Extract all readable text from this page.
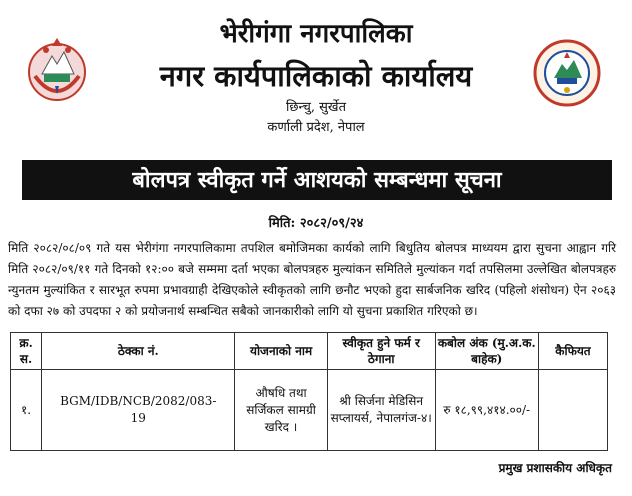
भेरीगंगा नगरपालिका
नगर कार्यपालिकाको कार्यालय
छिन्चु, सुर्खेत
कर्णाली प्रदेश, नेपाल
बोलपत्र स्वीकृत गर्ने आशयको सम्बन्धमा सूचना
मिति: २०८२/०९/२४

मिति २०८२/०८/०९ गते यस भेरीगंगा नगरपालिकामा तपशिल बमोजिमका कार्यको लागि बिधुतिय बोलपत्र माध्ययम द्वारा सुचना आह्वान गरि मिति २०८२/०९/११ गते दिनको १२:०० बजे सम्ममा दर्ता भएका बोलपत्रहरु मुल्यांकन समितिले मुल्यांकन गर्दा तपसिलमा उल्लेखित बोलपत्रहरु न्युनतम मुल्यांकित र सारभूत रुपमा प्रभावग्राही देखिएकोले स्वीकृतको लागि छनौट भएको हुदा सार्बजनिक खरिद (पहिलो शंसोधन) ऐन २०६३ को दफा २७ को उपदफा २ को प्रयोजनार्थ सम्बन्धित सबैको जानकारीको लागि यो सुचना प्रकाशित गरिएको छ।

क्र. स.	ठेक्का नं.	योजनाको नाम	स्वीकृत हुने फर्म र ठेगाना	कबोल अंक (मु.अ.क. बाहेक)	कैफियत
१.	BGM/IDB/NCB/2082/083-19	औषधि तथा सर्जिकल सामग्री खरिद ।	श्री सिर्जना मेडिसिन सप्लायर्स, नेपालगंज-४।	रु १८,९९,४१४.००/-	
प्रमुख प्रशासकीय अधिकृत
